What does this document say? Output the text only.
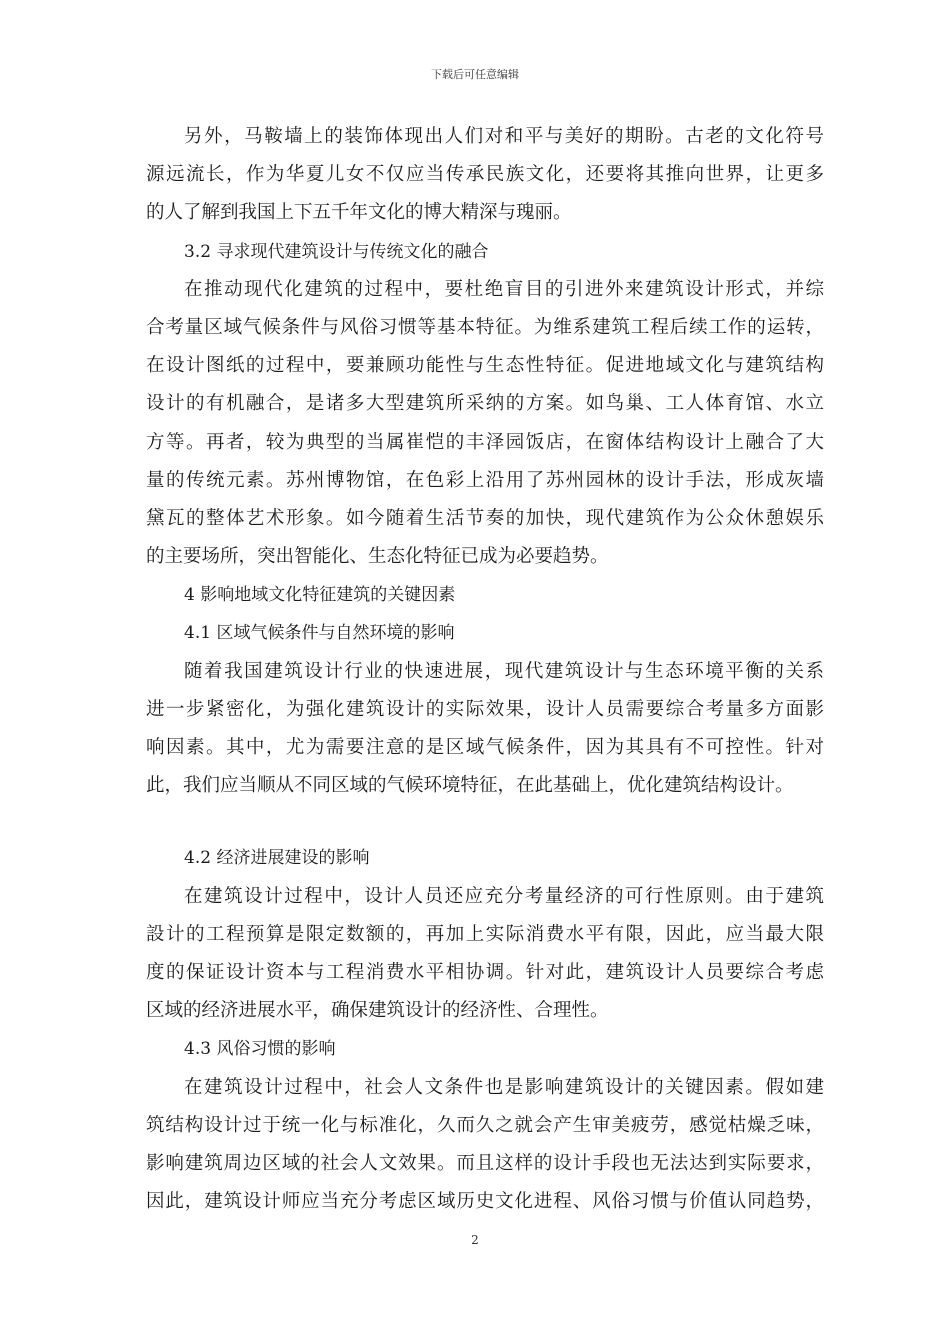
下载后可任意编辑
另外，马鞍墙上的装饰体现出人们对和平与美好的期盼。古老的文化符号
源远流长，作为华夏儿女不仅应当传承民族文化，还要将其推向世界，让更多
的人了解到我国上下五千年文化的博大精深与瑰丽。
3.2 寻求现代建筑设计与传统文化的融合
在推动现代化建筑的过程中，要杜绝盲目的引进外来建筑设计形式，并综
合考量区域气候条件与风俗习惯等基本特征。为维系建筑工程后续工作的运转，
在设计图纸的过程中，要兼顾功能性与生态性特征。促进地域文化与建筑结构
设计的有机融合，是诸多大型建筑所采纳的方案。如鸟巢、工人体育馆、水立
方等。再者，较为典型的当属崔恺的丰泽园饭店，在窗体结构设计上融合了大
量的传统元素。苏州博物馆，在色彩上沿用了苏州园林的设计手法，形成灰墙
黛瓦的整体艺术形象。如今随着生活节奏的加快，现代建筑作为公众休憩娱乐
的主要场所，突出智能化、生态化特征已成为必要趋势。
4 影响地域文化特征建筑的关键因素
4.1 区域气候条件与自然环境的影响
随着我国建筑设计行业的快速进展，现代建筑设计与生态环境平衡的关系
进一步紧密化，为强化建筑设计的实际效果，设计人员需要综合考量多方面影
响因素。其中，尤为需要注意的是区域气候条件，因为其具有不可控性。针对
此，我们应当顺从不同区域的气候环境特征，在此基础上，优化建筑结构设计。
4.2 经济进展建设的影响
在建筑设计过程中，设计人员还应充分考量经济的可行性原则。由于建筑
設计的工程预算是限定数额的，再加上实际消费水平有限，因此，应当最大限
度的保证设计资本与工程消费水平相协调。针对此，建筑设计人员要综合考虑
区域的经济进展水平，确保建筑设计的经济性、合理性。
4.3 风俗习惯的影响
在建筑设计过程中，社会人文条件也是影响建筑设计的关键因素。假如建
筑结构设计过于统一化与标准化，久而久之就会产生审美疲劳，感觉枯燥乏味，
影响建筑周边区域的社会人文效果。而且这样的设计手段也无法达到实际要求，
因此，建筑设计师应当充分考虑区域历史文化进程、风俗习惯与价值认同趋势，
2
